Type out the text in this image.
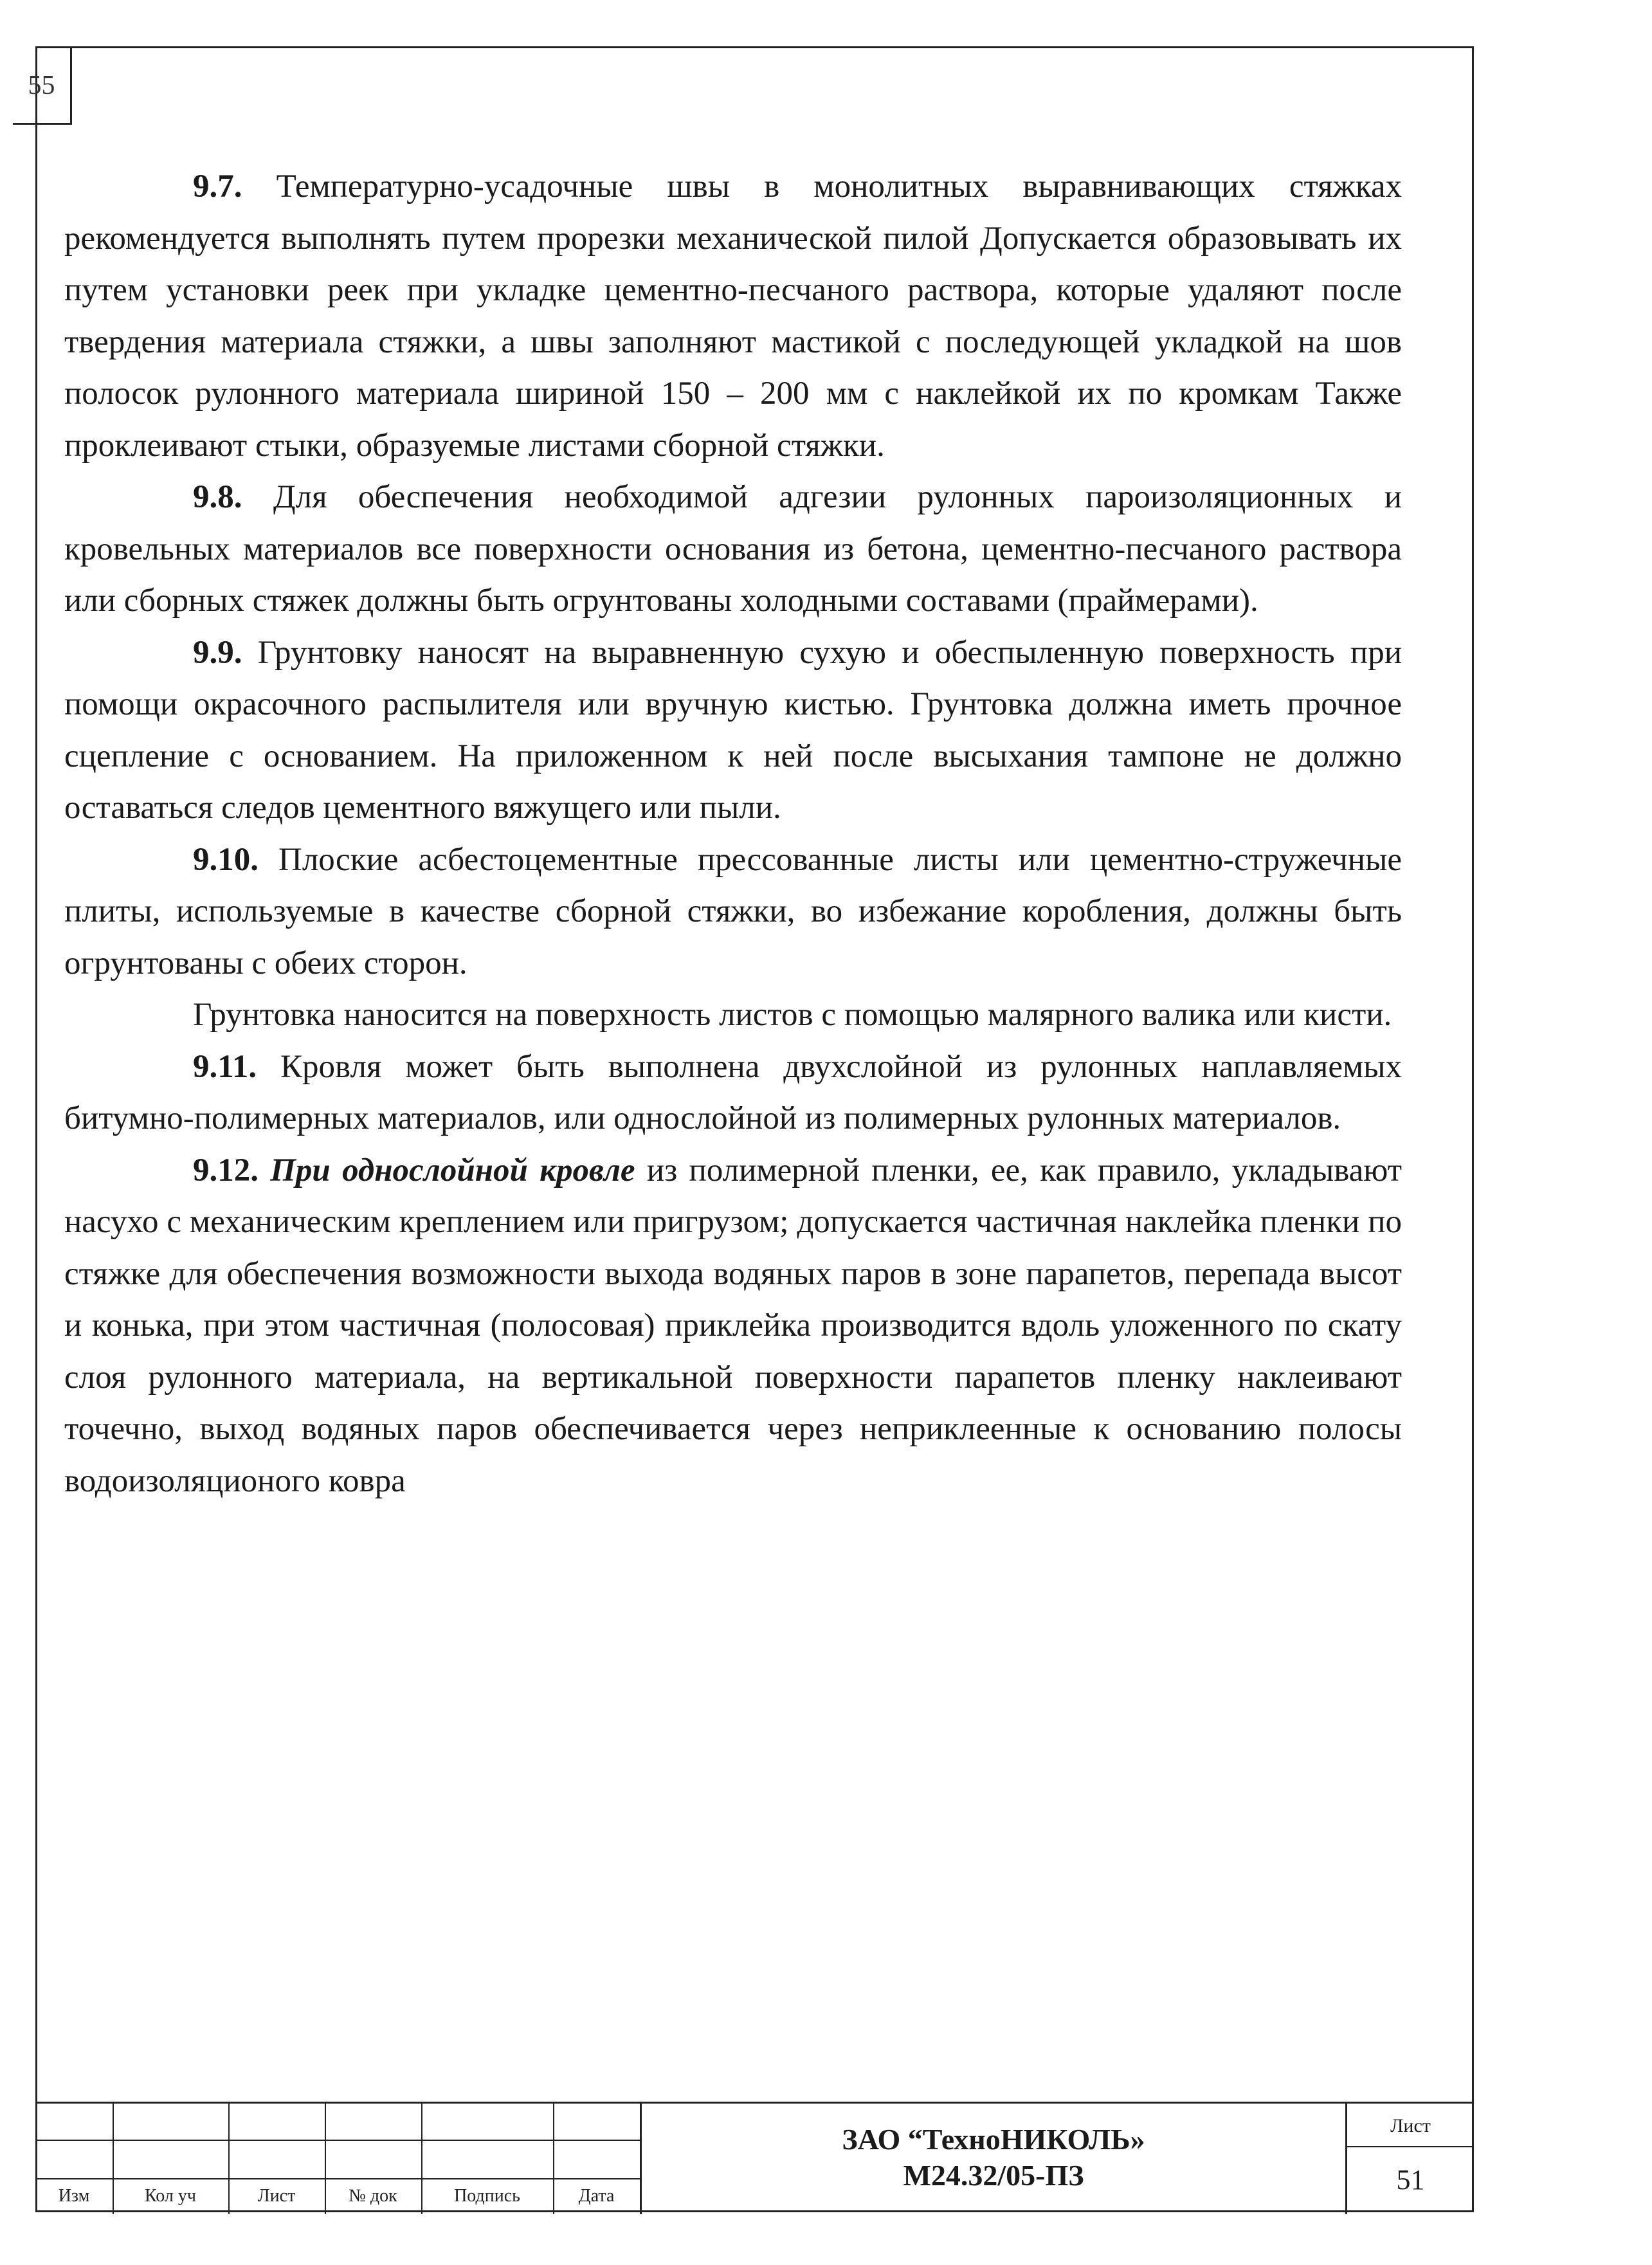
55

9.7. Температурно-усадочные швы в монолитных выравнивающих стяжках рекомендуется выполнять путем прорезки механической пилой Допускается образовывать их путем установки реек при укладке цементно-песчаного раствора, которые удаляют после твердения материала стяжки, а швы заполняют мастикой с последующей укладкой на шов полосок рулонного материала шириной 150 – 200 мм с наклейкой их по кромкам Также проклеивают стыки, образуемые листами сборной стяжки.

9.8. Для обеспечения необходимой адгезии рулонных пароизоляционных и кровельных материалов все поверхности основания из бетона, цементно-песчаного раствора или сборных стяжек должны быть огрунтованы холодными составами (праймерами).

9.9. Грунтовку наносят на выравненную сухую и обеспыленную поверхность при помощи окрасочного распылителя или вручную кистью. Грунтовка должна иметь прочное сцепление с основанием. На приложенном к ней после высыхания тампоне не должно оставаться следов цементного вяжущего или пыли.

9.10. Плоские асбестоцементные прессованные листы или цементно-стружечные плиты, используемые в качестве сборной стяжки, во избежание коробления, должны быть огрунтованы с обеих сторон.

Грунтовка наносится на поверхность листов с помощью малярного валика или кисти.

9.11. Кровля может быть выполнена двухслойной из рулонных наплавляемых битумно-полимерных материалов, или однослойной из полимерных рулонных материалов.

9.12. При однослойной кровле из полимерной пленки, ее, как правило, укладывают насухо с механическим креплением или пригрузом; допускается частичная наклейка пленки по стяжке для обеспечения возможности выхода водяных паров в зоне парапетов, перепада высот и конька, при этом частичная (полосовая) приклейка производится вдоль уложенного по скату слоя рулонного материала, на вертикальной поверхности парапетов пленку наклеивают точечно, выход водяных паров обеспечивается через неприклеенные к основанию полосы водоизоляционого ковра

Изм	Кол уч	Лист	№ док	Подпись	Дата
ЗАО “ТехноНИКОЛЬ»
М24.32/05-ПЗ
Лист
51
